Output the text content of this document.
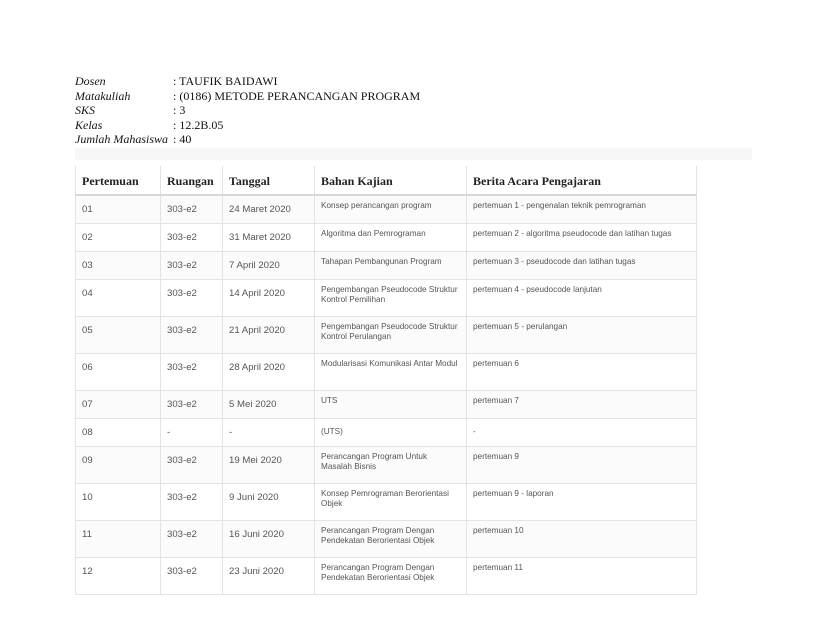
Dosen	: TAUFIK BAIDAWI
Matakuliah	: (0186) METODE PERANCANGAN PROGRAM
SKS	: 3
Kelas	: 12.2B.05
Jumlah Mahasiswa : 40
Pertemuan	Ruangan	Tanggal	Bahan Kajian	Berita Acara Pengajaran
01	303-e2	24 Maret 2020	Konsep perancangan program	pertemuan 1 - pengenalan teknik pemrograman
02	303-e2	31 Maret 2020	Algoritma dan Pemrograman	pertemuan 2 - algoritma pseudocode dan latihan tugas
03	303-e2	7 April 2020	Tahapan Pembangunan Program	pertemuan 3 - pseudocode dan latihan tugas
04	303-e2	14 April 2020	Pengembangan Pseudocode Struktur Kontrol Pemilihan	pertemuan 4 - pseudocode lanjutan
05	303-e2	21 April 2020	Pengembangan Pseudocode Struktur Kontrol Perulangan	pertemuan 5 - perulangan
06	303-e2	28 April 2020	Modularisasi Komunikasi Antar Modul	pertemuan 6
07	303-e2	5 Mei 2020	UTS	pertemuan 7
08	-	-	(UTS)	-
09	303-e2	19 Mei 2020	Perancangan Program Untuk Masalah Bisnis	pertemuan 9
10	303-e2	9 Juni 2020	Konsep Pemrograman Berorientasi Objek	pertemuan 9 - laporan
11	303-e2	16 Juni 2020	Perancangan Program Dengan Pendekatan Berorientasi Objek	pertemuan 10
12	303-e2	23 Juni 2020	Perancangan Program Dengan Pendekatan Berorientasi Objek	pertemuan 11
